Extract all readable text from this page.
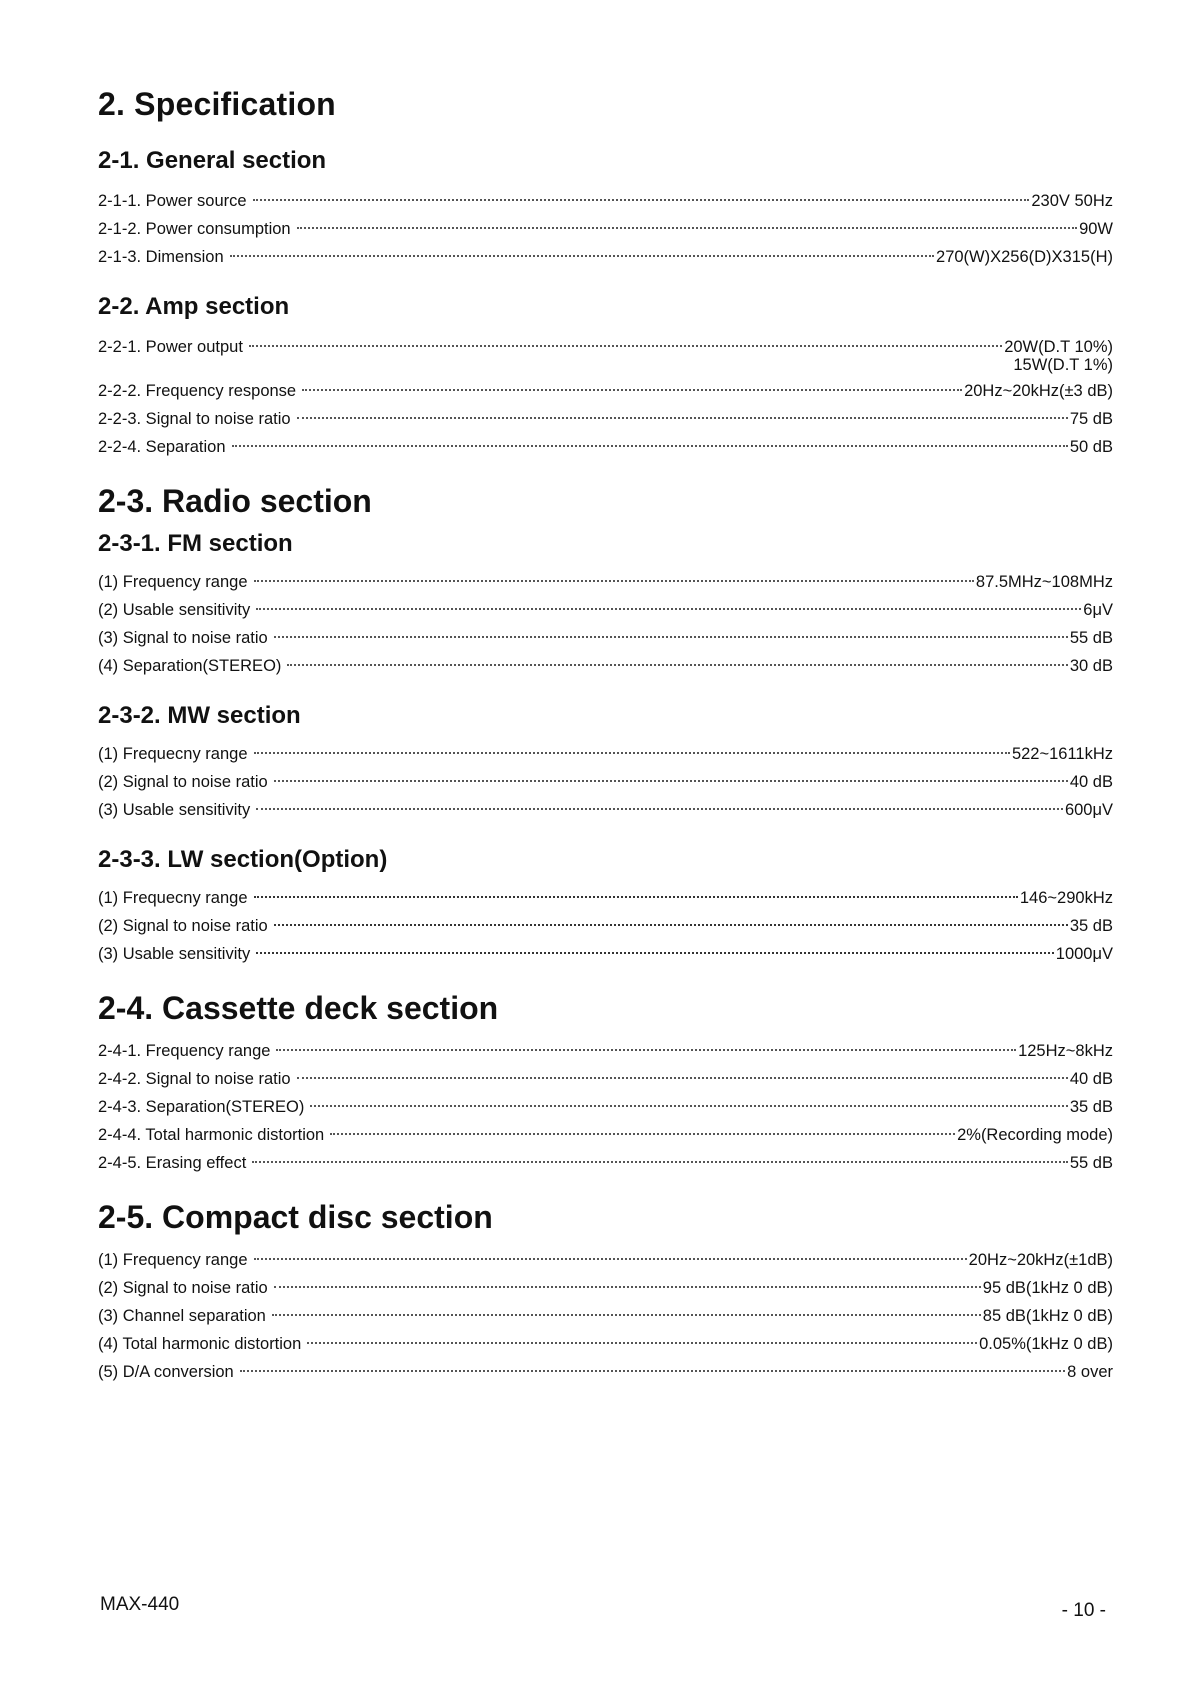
2. Specification
2-1. General section
2-1-1. Power source	230V 50Hz
2-1-2. Power consumption	90W
2-1-3. Dimension	270(W)X256(D)X315(H)
2-2. Amp section
2-2-1. Power output	20W(D.T 10%)
15W(D.T 1%)
2-2-2. Frequency response	20Hz~20kHz(±3 dB)
2-2-3. Signal to noise ratio	75 dB
2-2-4. Separation	50 dB
2-3. Radio section
2-3-1. FM section
(1) Frequency range	87.5MHz~108MHz
(2) Usable sensitivity	6μV
(3) Signal to noise ratio	55 dB
(4) Separation(STEREO)	30 dB
2-3-2. MW section
(1) Frequecny range	522~1611kHz
(2) Signal to noise ratio	40 dB
(3) Usable sensitivity	600μV
2-3-3. LW section(Option)
(1) Frequecny range	146~290kHz
(2) Signal to noise ratio	35 dB
(3) Usable sensitivity	1000μV
2-4. Cassette deck section
2-4-1. Frequency range	125Hz~8kHz
2-4-2. Signal to noise ratio	40 dB
2-4-3. Separation(STEREO)	35 dB
2-4-4. Total harmonic distortion	2%(Recording mode)
2-4-5. Erasing effect	55 dB
2-5. Compact disc section
(1) Frequency range	20Hz~20kHz(±1dB)
(2) Signal to noise ratio	95 dB(1kHz 0 dB)
(3) Channel separation	85 dB(1kHz 0 dB)
(4) Total harmonic distortion	0.05%(1kHz 0 dB)
(5) D/A conversion	8 over
MAX-440	- 10 -
